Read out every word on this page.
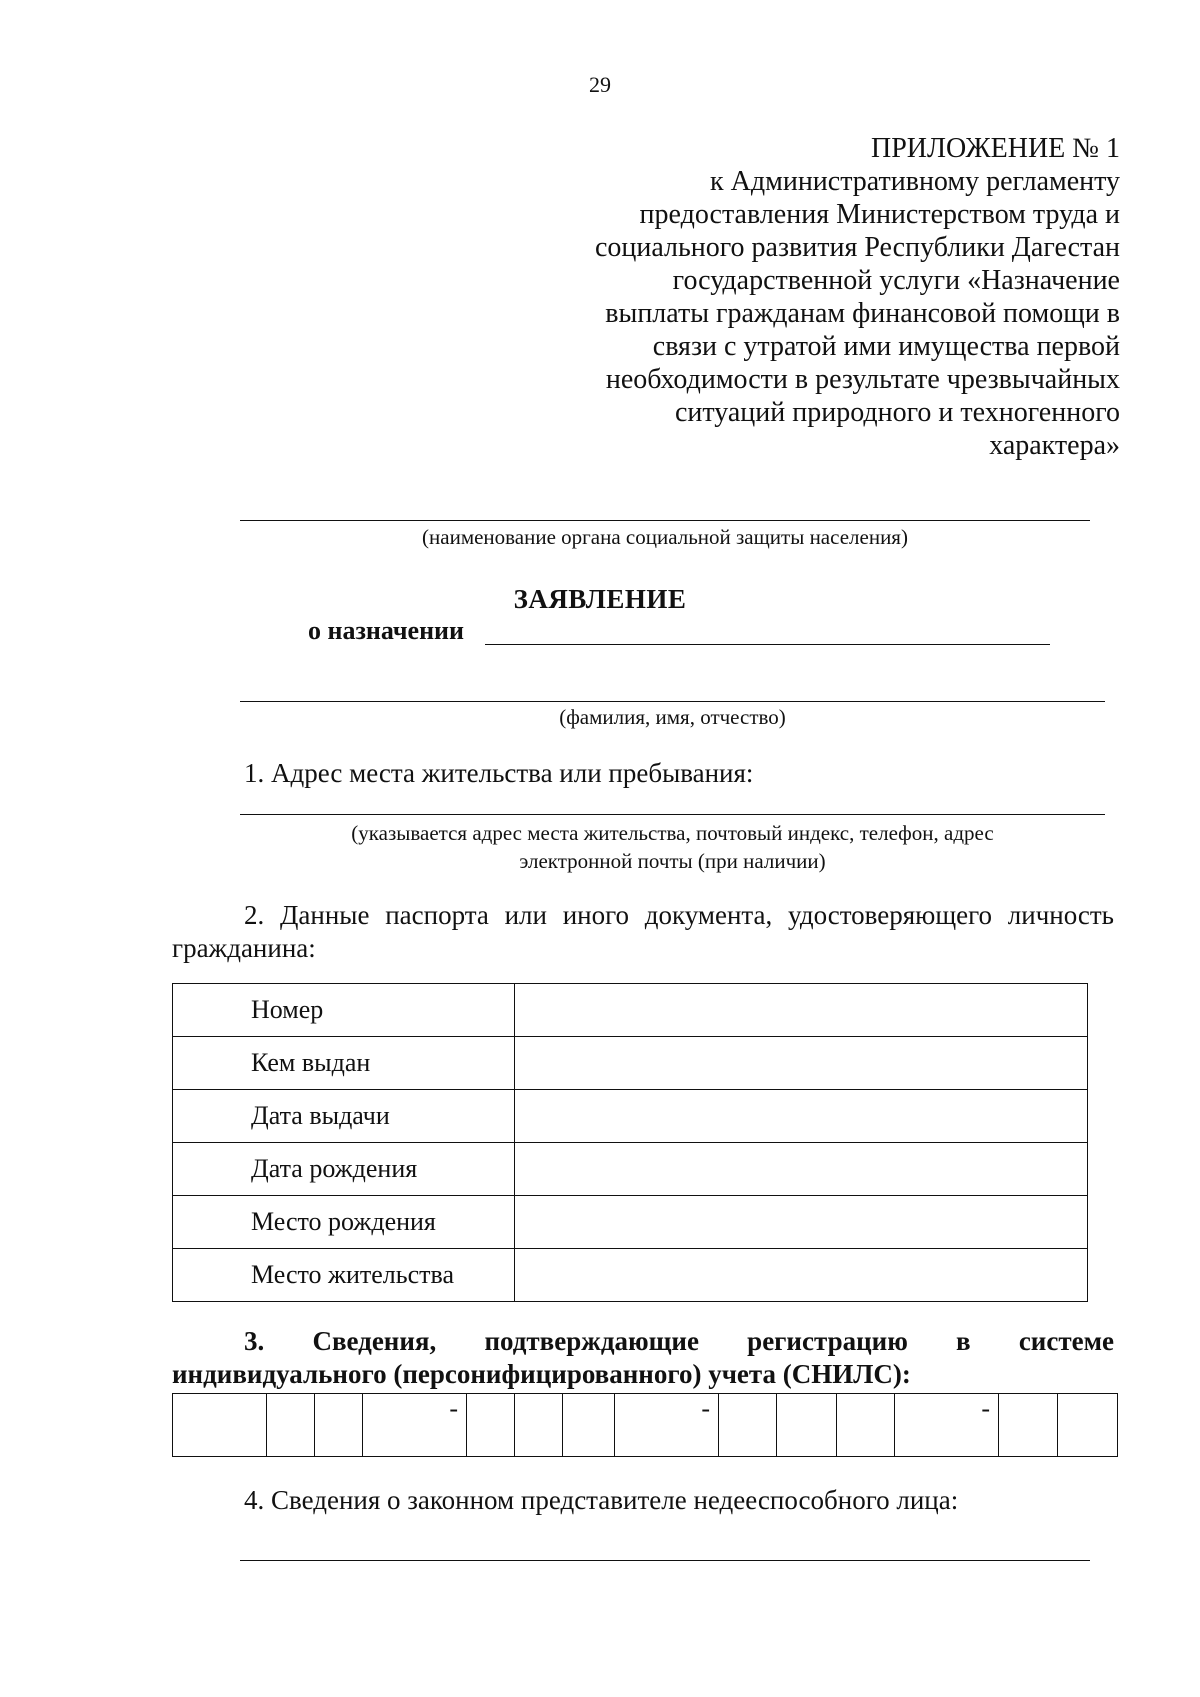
29
ПРИЛОЖЕНИЕ № 1
к Административному регламенту
предоставления Министерством труда и
социального развития Республики Дагестан
государственной услуги «Назначение
выплаты гражданам финансовой помощи в
связи с утратой ими имущества первой
необходимости в результате чрезвычайных
ситуаций природного и техногенного
характера»
(наименование органа социальной защиты населения)
ЗАЯВЛЕНИЕ
о назначении
(фамилия, имя, отчество)
1. Адрес места жительства или пребывания:
(указывается адрес места жительства, почтовый индекс, телефон, адрес
электронной почты (при наличии)
2. Данные паспорта или иного документа, удостоверяющего личность
гражданина:
Номер	
Кем выдан	
Дата выдачи	
Дата рождения	
Место рождения	
Место жительства	
3. Сведения, подтверждающие регистрацию в системе
индивидуального (персонифицированного) учета (СНИЛС):
			-				-				-		
4. Сведения о законном представителе недееспособного лица:
